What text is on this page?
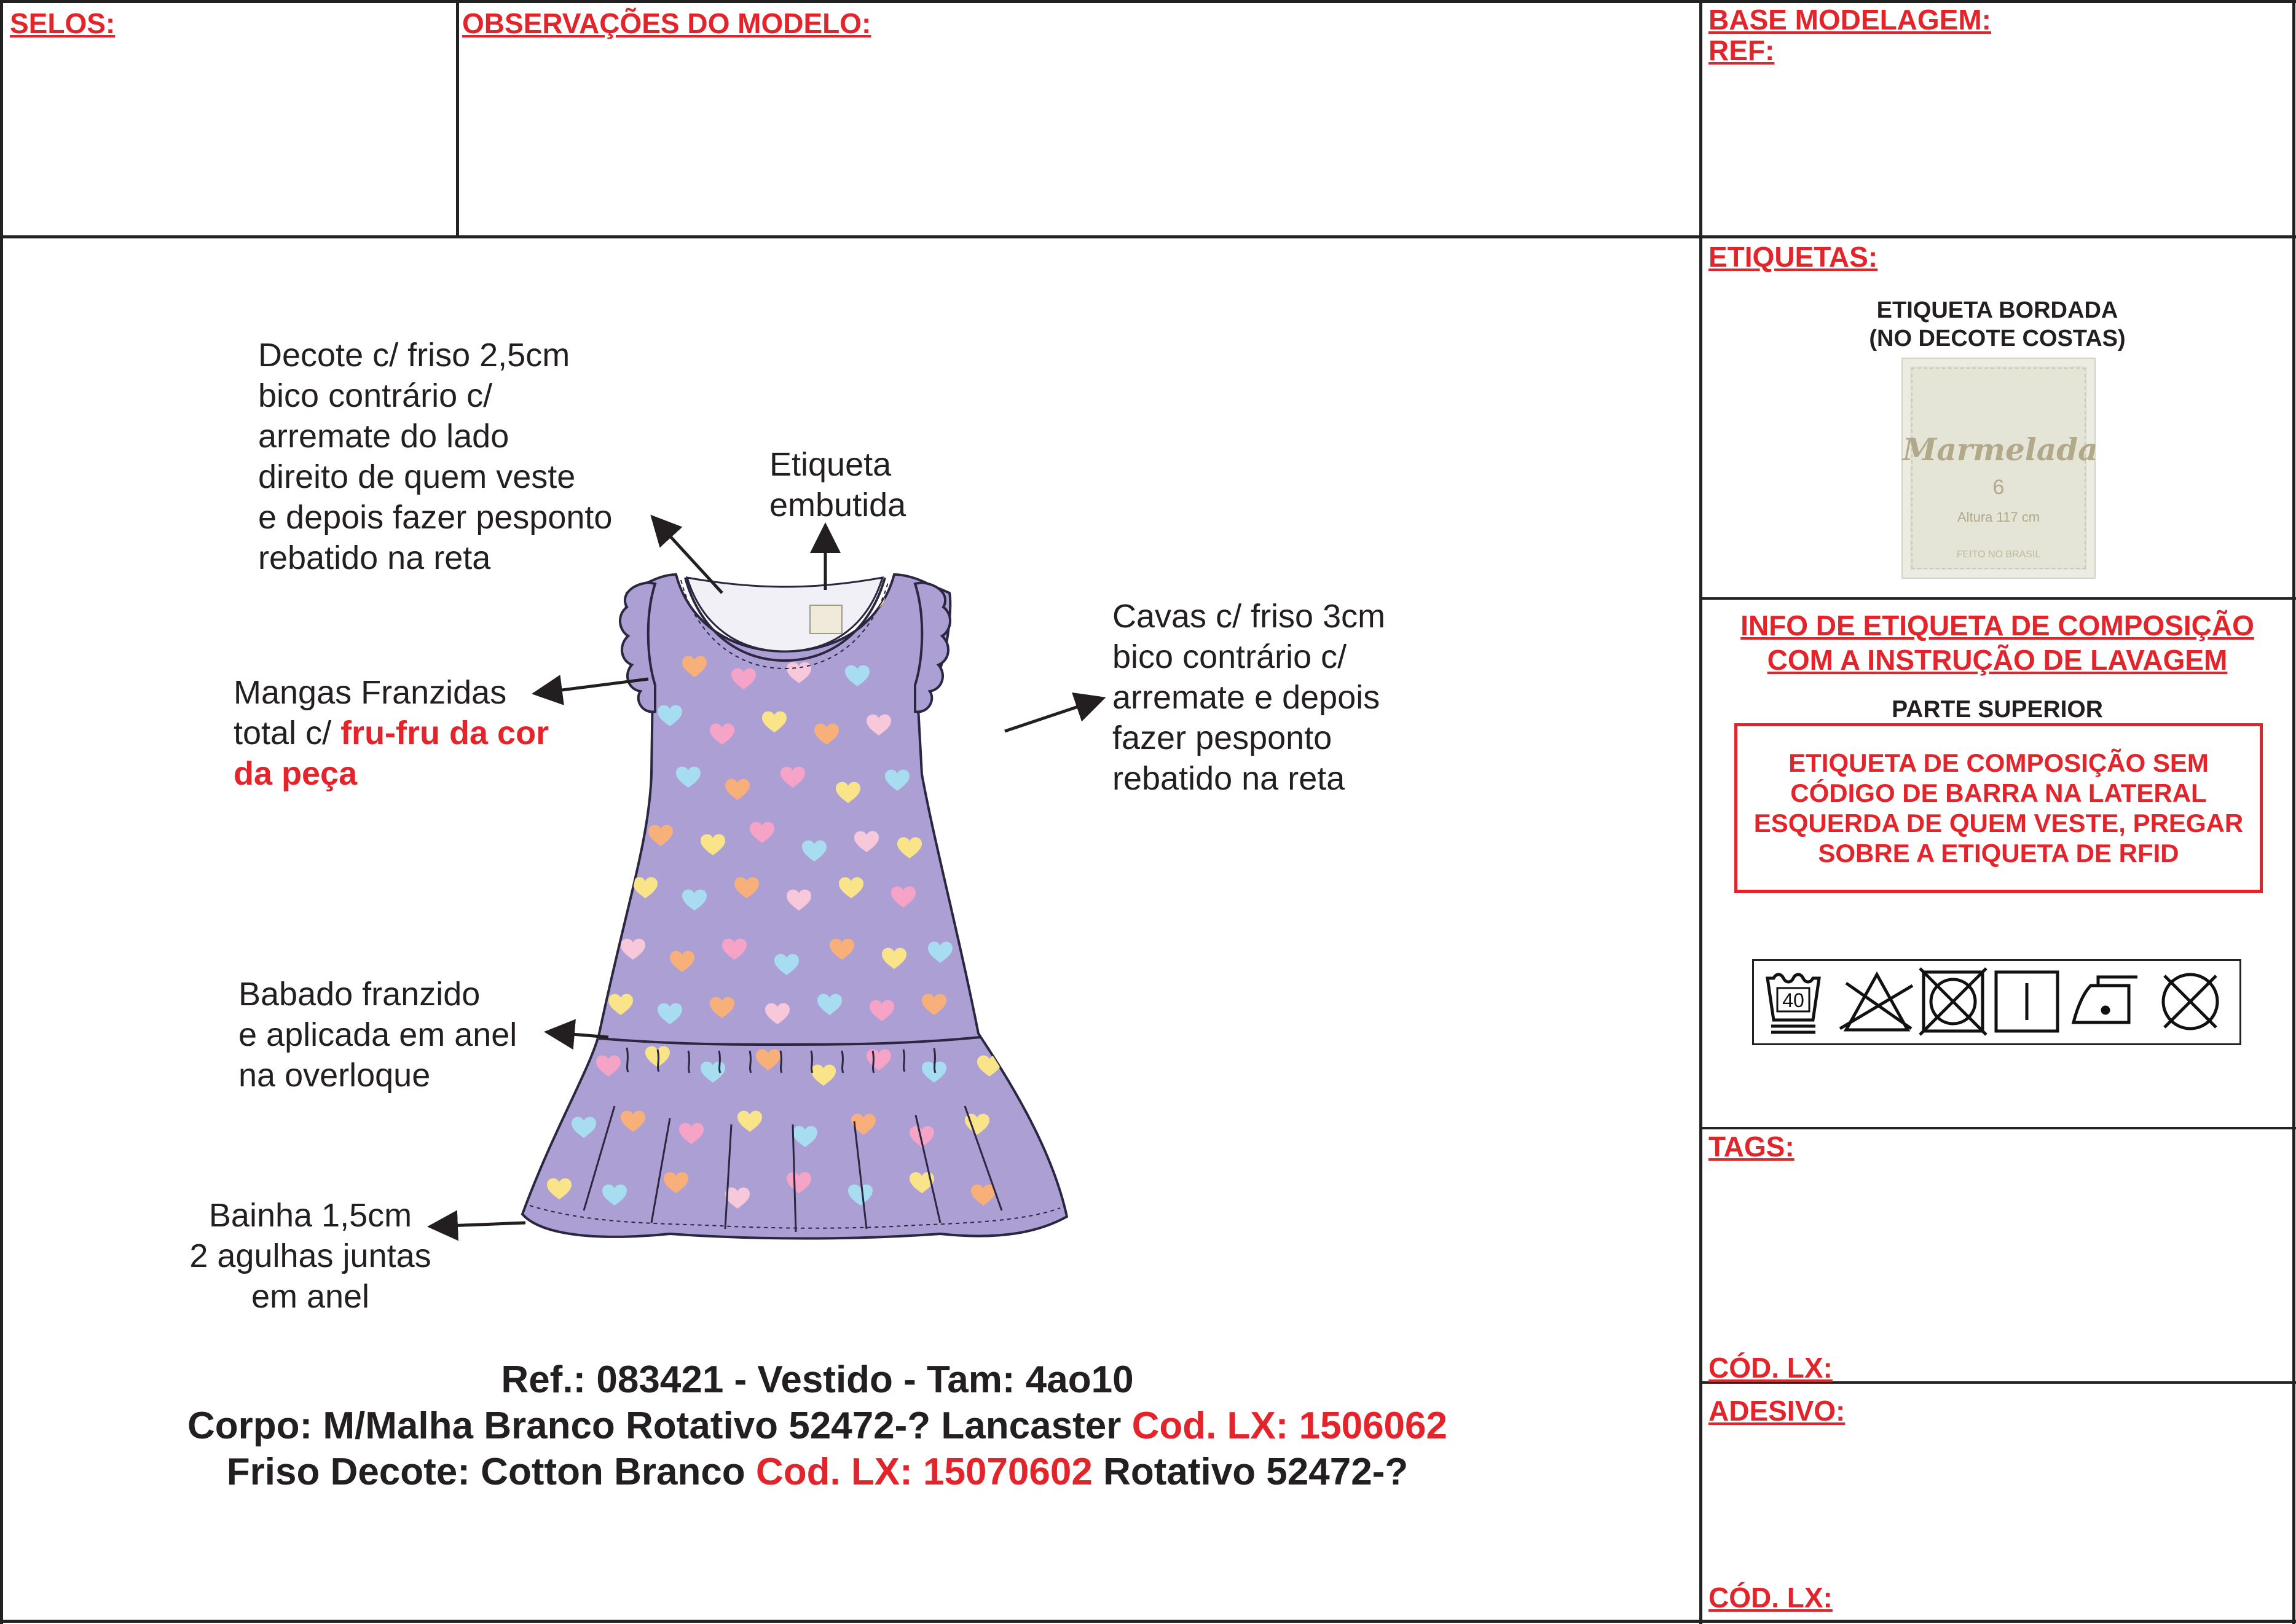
SELOS:	OBSERVAÇÕES DO MODELO:	BASE MODELAGEM:
REF:
ETIQUETAS:
ETIQUETA BORDADA
(NO DECOTE COSTAS)
Marmelada
6
Altura 117 cm
FEITO NO BRASIL
INFO DE ETIQUETA DE COMPOSIÇÃO
COM A INSTRUÇÃO DE LAVAGEM
PARTE SUPERIOR
ETIQUETA DE COMPOSIÇÃO SEM
CÓDIGO DE BARRA NA LATERAL
ESQUERDA DE QUEM VESTE, PREGAR
SOBRE A ETIQUETA DE RFID
40
TAGS:
CÓD. LX:
ADESIVO:
CÓD. LX:
Decote c/ friso 2,5cm
bico contrário c/
arremate do lado
direito de quem veste
e depois fazer pesponto
rebatido na reta
Etiqueta
embutida
Cavas c/ friso 3cm
bico contrário c/
arremate e depois
fazer pesponto
rebatido na reta
Mangas Franzidas
total c/ fru-fru da cor
da peça
Babado franzido
e aplicada em anel
na overloque
Bainha 1,5cm
2 agulhas juntas
em anel
Ref.: 083421 - Vestido - Tam: 4ao10
Corpo: M/Malha Branco Rotativo 52472-? Lancaster Cod. LX: 1506062
Friso Decote: Cotton Branco Cod. LX: 15070602 Rotativo 52472-?
